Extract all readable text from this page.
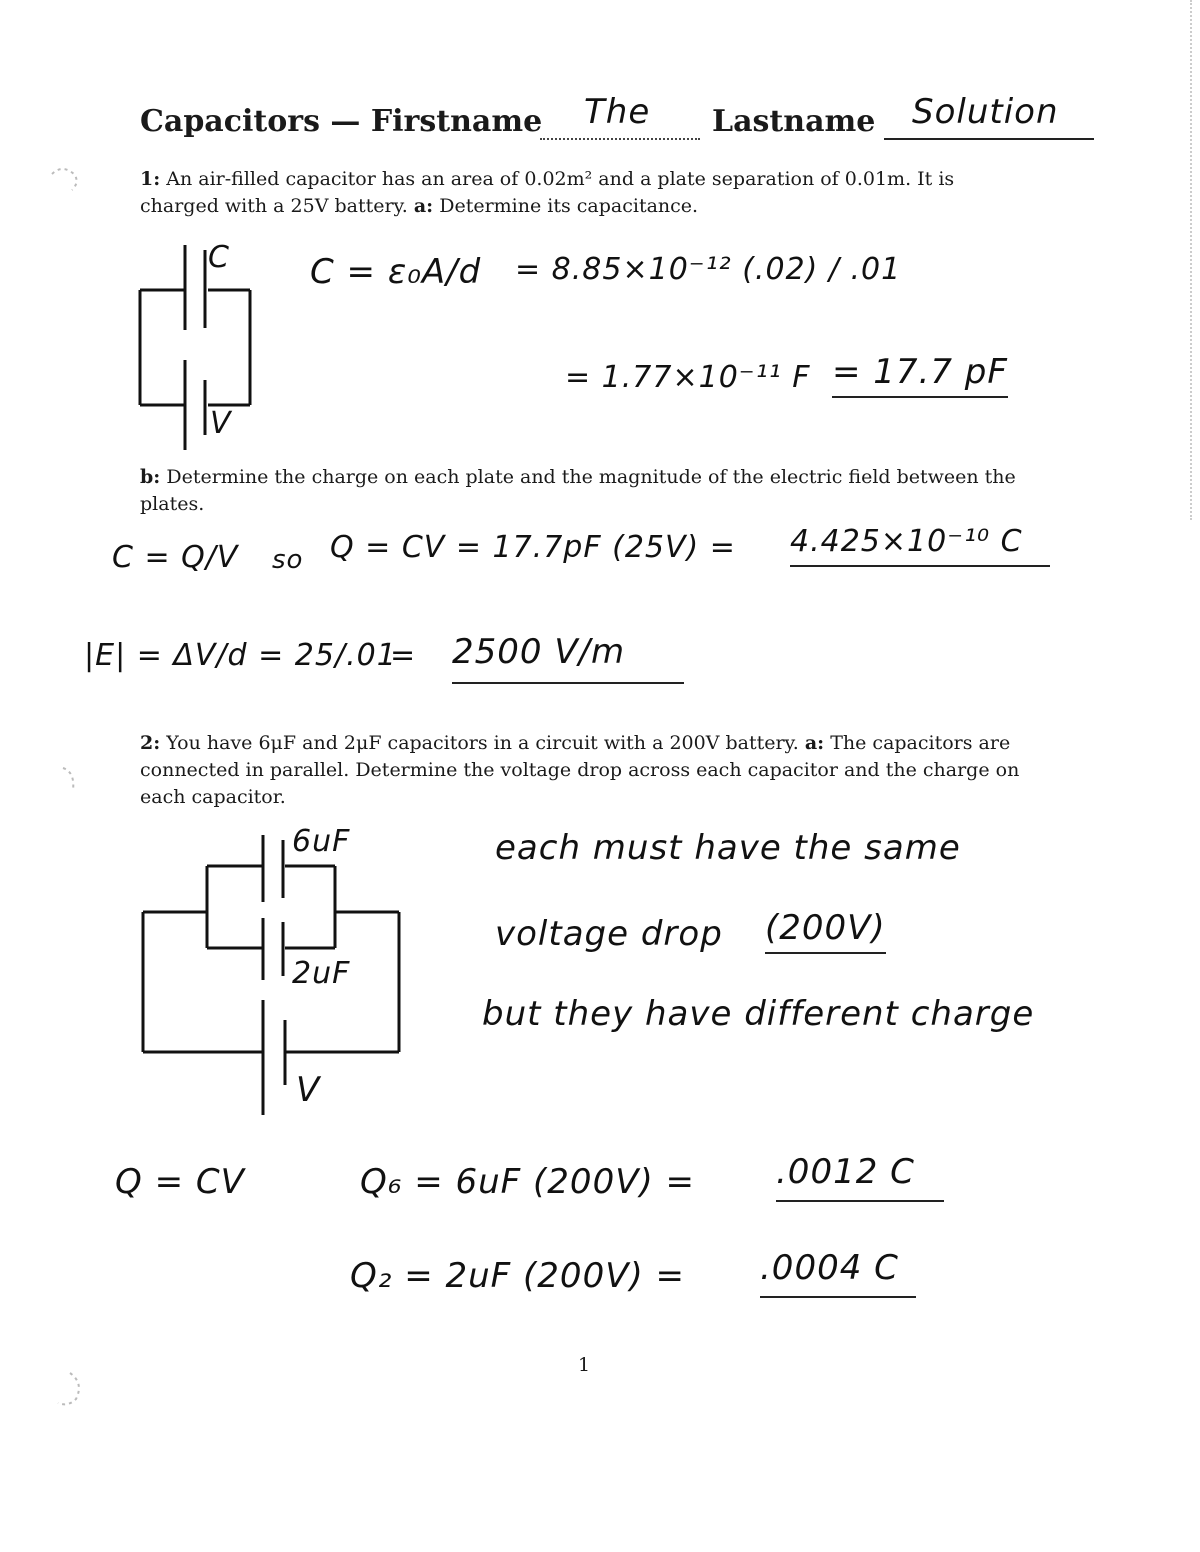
Capacitors — Firstname The Lastname Solution
1: An air-filled capacitor has an area of 0.02m² and a plate separation of 0.01m. It is charged with a 25V battery. a: Determine its capacitance.
C
V
C = ε₀A/d = 8.85×10⁻¹² (.02) / .01
= 1.77×10⁻¹¹ F = 17.7 pF
b: Determine the charge on each plate and the magnitude of the electric field between the plates.
C = Q/V so Q = CV = 17.7pF (25V) = 4.425×10⁻¹⁰ C
|E| = ΔV/d = 25/.01
= 2500 V/m
2: You have 6μF and 2μF capacitors in a circuit with a 200V battery. a: The capacitors are connected in parallel. Determine the voltage drop across each capacitor and the charge on each capacitor.
6uF
2uF
V
each must have the same
voltage drop (200V)
but they have different charge
Q = CV	Q₆ = 6uF (200V) = .0012 C
Q₂ = 2uF (200V) = .0004 C
1
